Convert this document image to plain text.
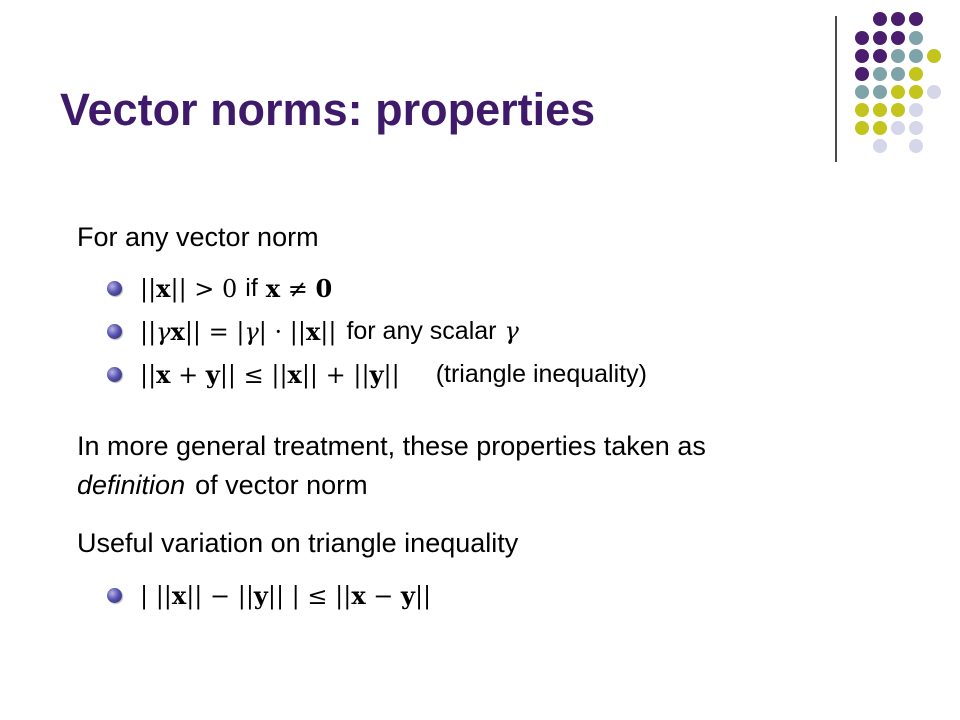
Vector norms: properties

For any vector norm

||x|| > 0 if x ≠ 0
||γx|| = |γ| · ||x|| for any scalar γ
||x + y|| ≤ ||x|| + ||y|| (triangle inequality)

In more general treatment, these properties taken as
definition of vector norm

Useful variation on triangle inequality

| ||x|| − ||y|| | ≤ ||x − y||
